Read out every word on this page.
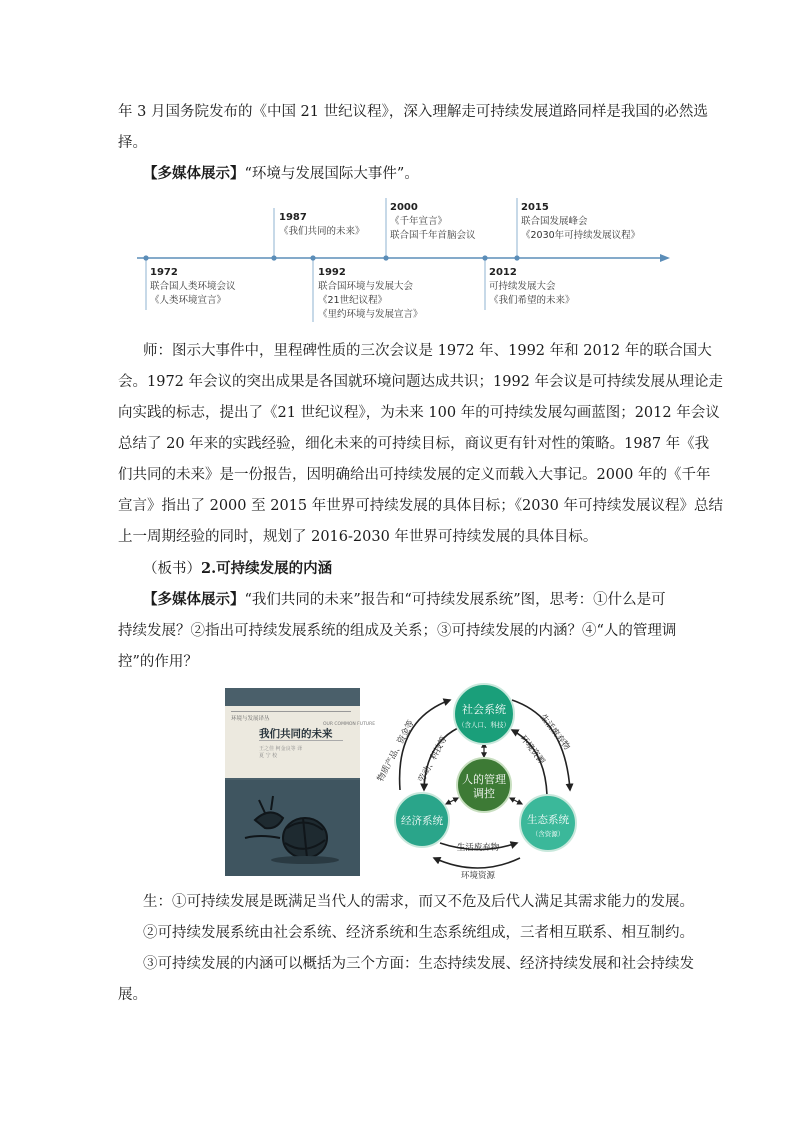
年 3 月国务院发布的《中国 21 世纪议程》，深入理解走可持续发展道路同样是我国的必然选
择。
【多媒体展示】“环境与发展国际大事件”。
师：图示大事件中，里程碑性质的三次会议是 1972 年、1992 年和 2012 年的联合国大
会。1972 年会议的突出成果是各国就环境问题达成共识；1992 年会议是可持续发展从理论走
向实践的标志，提出了《21 世纪议程》，为未来 100 年的可持续发展勾画蓝图；2012 年会议
总结了 20 年来的实践经验，细化未来的可持续目标，商议更有针对性的策略。1987 年《我
们共同的未来》是一份报告，因明确给出可持续发展的定义而载入大事记。2000 年的《千年
宣言》指出了 2000 至 2015 年世界可持续发展的具体目标；《2030 年可持续发展议程》总结
上一周期经验的同时，规划了 2016-2030 年世界可持续发展的具体目标。
（板书）2.可持续发展的内涵
【多媒体展示】“我们共同的未来”报告和“可持续发展系统”图，思考：①什么是可
持续发展？②指出可持续发展系统的组成及关系；③可持续发展的内涵？④“人的管理调
控”的作用？
生：①可持续发展是既满足当代人的需求，而又不危及后代人满足其需求能力的发展。
②可持续发展系统由社会系统、经济系统和生态系统组成，三者相互联系、相互制约。
③可持续发展的内涵可以概括为三个方面：生态持续发展、经济持续发展和社会持续发
展。
1987
《我们共同的未来》
2000
《千年宣言》
联合国千年首脑会议
2015
联合国发展峰会
《2030年可持续发展议程》
1972
联合国人类环境会议
《人类环境宣言》
1992
联合国环境与发展大会
《21世纪议程》
《里约环境与发展宣言》
2012
可持续发展大会
《我们希望的未来》
环境与发展译丛
我们共同的未来
OUR COMMON FUTURE
王之佳 柯金良等 译
夏 宁 校
社会系统
（含人口、科技）
经济系统	生态系统
（含资源）
人的管理
调控
生活废弃物
环境资源
环境资源
生活废弃物
物质产品、资金等 劳动、科技等
